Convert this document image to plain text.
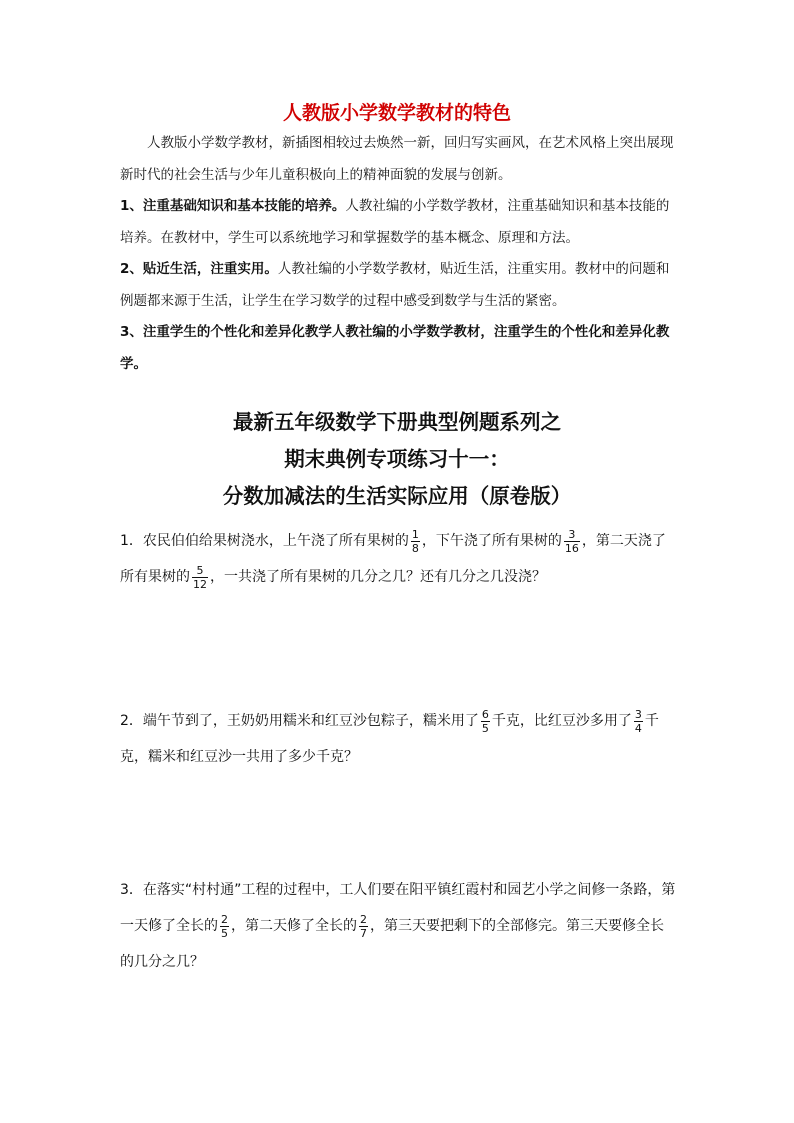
人教版小学数学教材的特色

人教版小学数学教材，新插图相较过去焕然一新，回归写实画风，在艺术风格上突出展现新时代的社会生活与少年儿童积极向上的精神面貌的发展与创新。

1、注重基础知识和基本技能的培养。人教社编的小学数学教材，注重基础知识和基本技能的培养。在教材中，学生可以系统地学习和掌握数学的基本概念、原理和方法。

2、贴近生活，注重实用。人教社编的小学数学教材，贴近生活，注重实用。教材中的问题和例题都来源于生活，让学生在学习数学的过程中感受到数学与生活的紧密。

3、注重学生的个性化和差异化教学人教社编的小学数学教材，注重学生的个性化和差异化教学。

最新五年级数学下册典型例题系列之
期末典例专项练习十一：
分数加减法的生活实际应用（原卷版）

1．农民伯伯给果树浇水，上午浇了所有果树的 $\frac{1}{8}$ ，下午浇了所有果树的 $\frac{3}{16}$ ，第二天浇了所有果树的 $\frac{5}{12}$ ，一共浇了所有果树的几分之几？还有几分之几没浇？

2．端午节到了，王奶奶用糯米和红豆沙包粽子，糯米用了 $\frac{6}{5}$ 千克，比红豆沙多用了 $\frac{3}{4}$ 千克，糯米和红豆沙一共用了多少千克？

3．在落实“村村通”工程的过程中，工人们要在阳平镇红霞村和园艺小学之间修一条路，第一天修了全长的 $\frac{2}{5}$ ，第二天修了全长的 $\frac{2}{7}$ ，第三天要把剩下的全部修完。第三天要修全长的几分之几？
